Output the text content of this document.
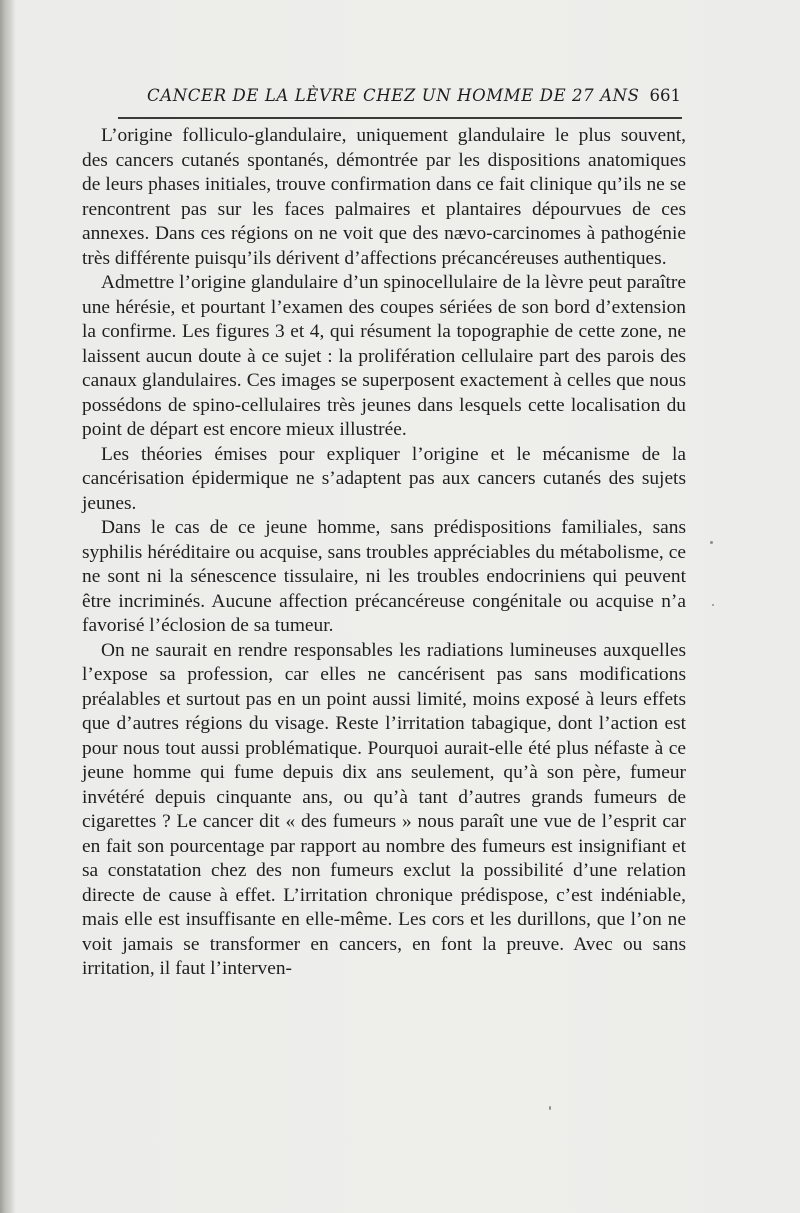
CANCER DE LA LÈVRE CHEZ UN HOMME DE 27 ANS 661

L’origine folliculo-glandulaire, uniquement glandulaire le plus souvent, des cancers cutanés spontanés, démontrée par les dispositions anatomiques de leurs phases initiales, trouve confirmation dans ce fait clinique qu’ils ne se rencontrent pas sur les faces palmaires et plantaires dépourvues de ces annexes. Dans ces régions on ne voit que des nævo-carcinomes à pathogénie très différente puisqu’ils dérivent d’affections précancéreuses authentiques.

Admettre l’origine glandulaire d’un spinocellulaire de la lèvre peut paraître une hérésie, et pourtant l’examen des coupes sériées de son bord d’extension la confirme. Les figures 3 et 4, qui résument la topographie de cette zone, ne laissent aucun doute à ce sujet : la prolifération cellulaire part des parois des canaux glandulaires. Ces images se superposent exactement à celles que nous possédons de spino-cellulaires très jeunes dans lesquels cette localisation du point de départ est encore mieux illustrée.

Les théories émises pour expliquer l’origine et le mécanisme de la cancérisation épidermique ne s’adaptent pas aux cancers cutanés des sujets jeunes.

Dans le cas de ce jeune homme, sans prédispositions familiales, sans syphilis héréditaire ou acquise, sans troubles appréciables du métabolisme, ce ne sont ni la sénescence tissulaire, ni les troubles endocriniens qui peuvent être incriminés. Aucune affection précancéreuse congénitale ou acquise n’a favorisé l’éclosion de sa tumeur.

On ne saurait en rendre responsables les radiations lumineuses auxquelles l’expose sa profession, car elles ne cancérisent pas sans modifications préalables et surtout pas en un point aussi limité, moins exposé à leurs effets que d’autres régions du visage. Reste l’irritation tabagique, dont l’action est pour nous tout aussi problématique. Pourquoi aurait-elle été plus néfaste à ce jeune homme qui fume depuis dix ans seulement, qu’à son père, fumeur invétéré depuis cinquante ans, ou qu’à tant d’autres grands fumeurs de cigarettes ? Le cancer dit « des fumeurs » nous paraît une vue de l’esprit car en fait son pourcentage par rapport au nombre des fumeurs est insignifiant et sa constatation chez des non fumeurs exclut la possibilité d’une relation directe de cause à effet. L’irritation chronique prédispose, c’est indéniable, mais elle est insuffisante en elle-même. Les cors et les durillons, que l’on ne voit jamais se transformer en cancers, en font la preuve. Avec ou sans irritation, il faut l’interven-
